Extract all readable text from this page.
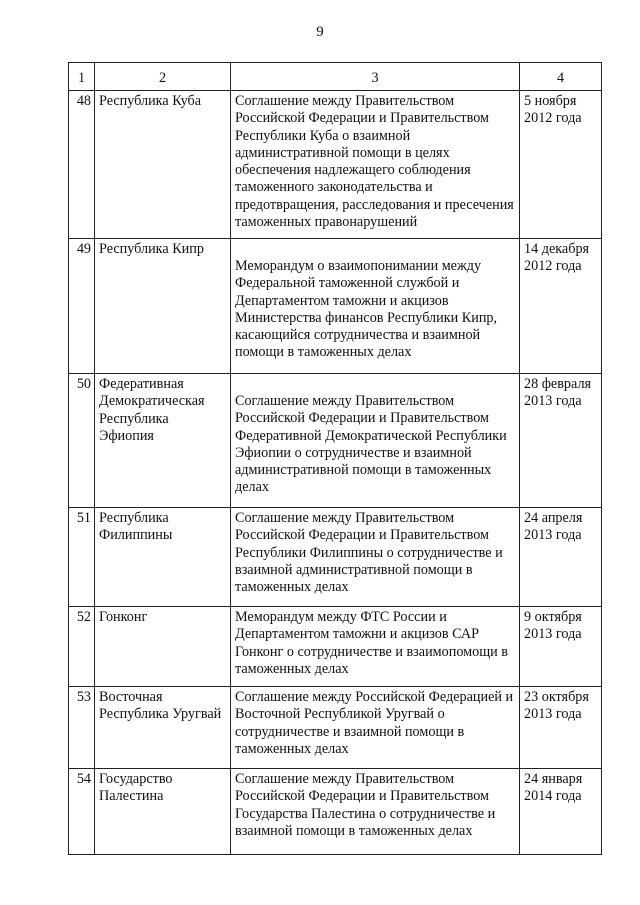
9
1	2	3	4
48	Республика Куба	Соглашение между Правительством Российской Федерации и Правительством Республики Куба о взаимной административной помощи в целях обеспечения надлежащего соблюдения таможенного законодательства и предотвращения, расследования и пресечения таможенных правонарушений	5 ноября 2012 года
49	Республика Кипр	Меморандум о взаимопонимании между Федеральной таможенной службой и Департаментом таможни и акцизов Министерства финансов Республики Кипр, касающийся сотрудничества и взаимной помощи в таможенных делах	14 декабря 2012 года
50	Федеративная Демократическая Республика Эфиопия	Соглашение между Правительством Российской Федерации и Правительством Федеративной Демократической Республики Эфиопии о сотрудничестве и взаимной административной помощи в таможенных делах	28 февраля 2013 года
51	Республика Филиппины	Соглашение между Правительством Российской Федерации и Правительством Республики Филиппины о сотрудничестве и взаимной административной помощи в таможенных делах	24 апреля 2013 года
52	Гонконг	Меморандум между ФТС России и Департаментом таможни и акцизов САР Гонконг о сотрудничестве и взаимопомощи в таможенных делах	9 октября 2013 года
53	Восточная Республика Уругвай	Соглашение между Российской Федерацией и Восточной Республикой Уругвай о сотрудничестве и взаимной помощи в таможенных делах	23 октября 2013 года
54	Государство Палестина	Соглашение между Правительством Российской Федерации и Правительством Государства Палестина о сотрудничестве и взаимной помощи в таможенных делах	24 января 2014 года
